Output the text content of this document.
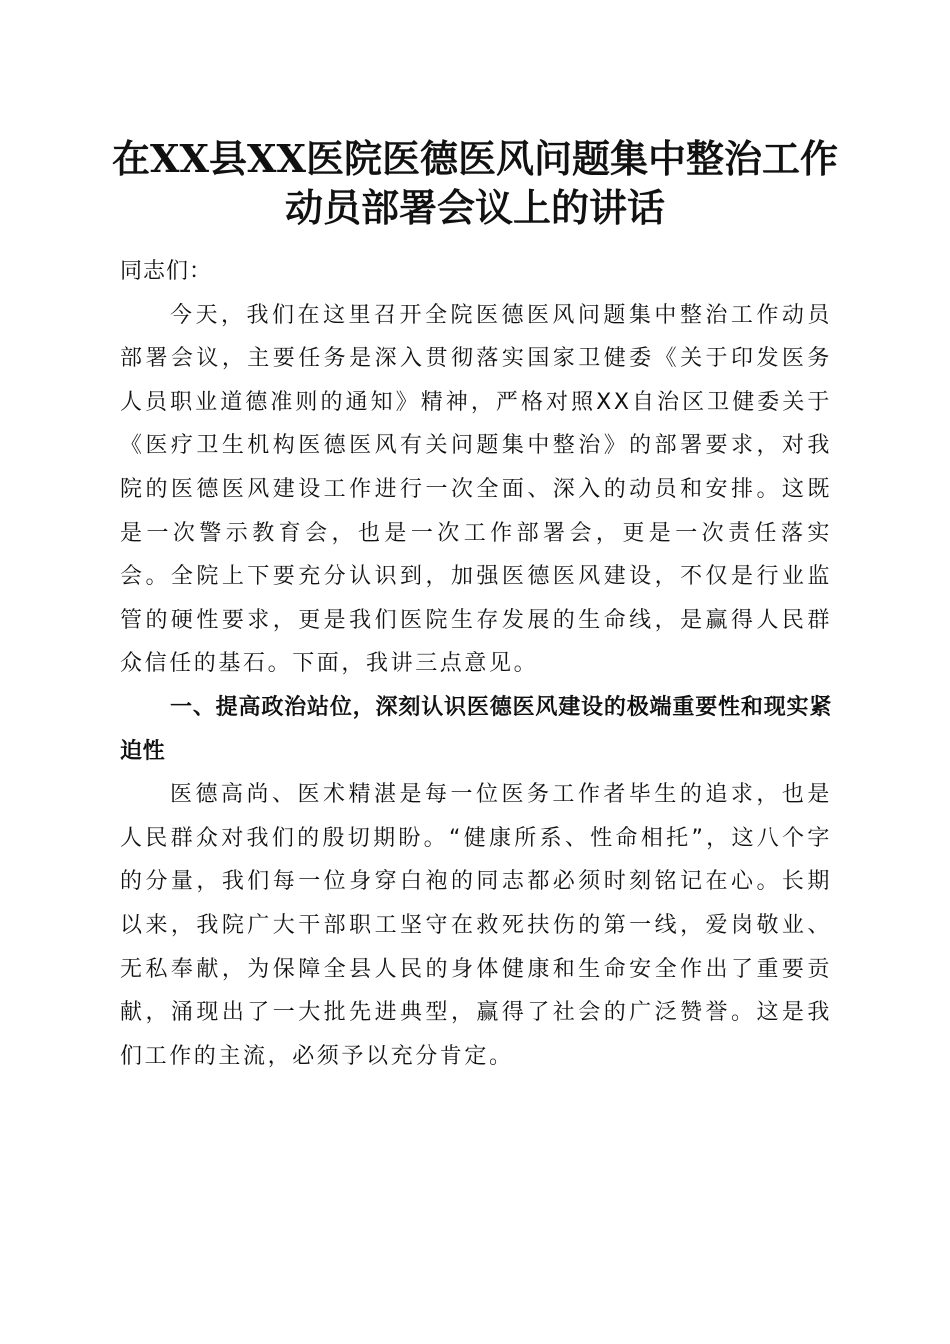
在XX县XX医院医德医风问题集中整治工作
动员部署会议上的讲话

同志们：

今天，我们在这里召开全院医德医风问题集中整治工作动员部署会议，主要任务是深入贯彻落实国家卫健委《关于印发医务人员职业道德准则的通知》精神，严格对照XX自治区卫健委关于《医疗卫生机构医德医风有关问题集中整治》的部署要求，对我院的医德医风建设工作进行一次全面、深入的动员和安排。这既是一次警示教育会，也是一次工作部署会，更是一次责任落实会。全院上下要充分认识到，加强医德医风建设，不仅是行业监管的硬性要求，更是我们医院生存发展的生命线，是赢得人民群众信任的基石。下面，我讲三点意见。

一、提高政治站位，深刻认识医德医风建设的极端重要性和现实紧迫性

医德高尚、医术精湛是每一位医务工作者毕生的追求，也是人民群众对我们的殷切期盼。“健康所系、性命相托”，这八个字的分量，我们每一位身穿白袍的同志都必须时刻铭记在心。长期以来，我院广大干部职工坚守在救死扶伤的第一线，爱岗敬业、无私奉献，为保障全县人民的身体健康和生命安全作出了重要贡献，涌现出了一大批先进典型，赢得了社会的广泛赞誉。这是我们工作的主流，必须予以充分肯定。
